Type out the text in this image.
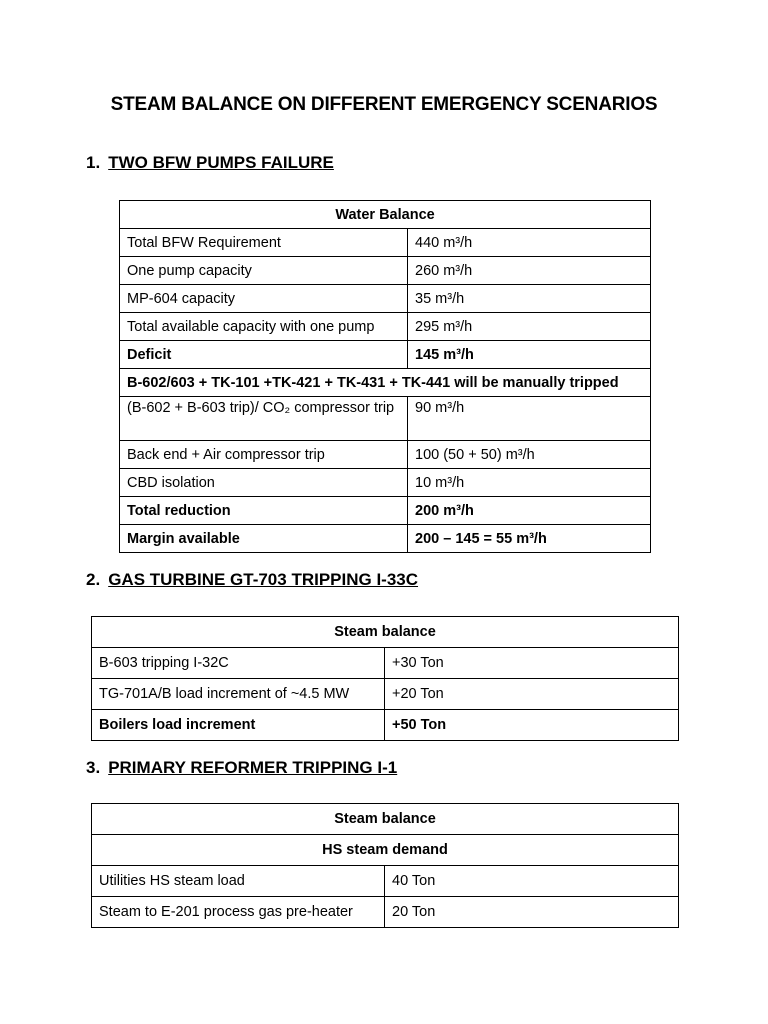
STEAM BALANCE ON DIFFERENT EMERGENCY SCENARIOS
1. TWO BFW PUMPS FAILURE
Water Balance	
Total BFW Requirement	440 m³/h
One pump capacity	260 m³/h
MP-604 capacity	35 m³/h
Total available capacity with one pump	295 m³/h
Deficit	145 m³/h
B-602/603 + TK-101 +TK-421 + TK-431 + TK-441 will be manually tripped	
(B-602 + B-603 trip)/ CO₂ compressor trip	90 m³/h
Back end + Air compressor trip	100 (50 + 50) m³/h
CBD isolation	10 m³/h
Total reduction	200 m³/h
Margin available	200 – 145 = 55 m³/h
2. GAS TURBINE GT-703 TRIPPING I-33C
Steam balance	
B-603 tripping I-32C	+30 Ton
TG-701A/B load increment of ~4.5 MW	+20 Ton
Boilers load increment	+50 Ton
3. PRIMARY REFORMER TRIPPING I-1
Steam balance	
HS steam demand	
Utilities HS steam load	40 Ton
Steam to E-201 process gas pre-heater	20 Ton
